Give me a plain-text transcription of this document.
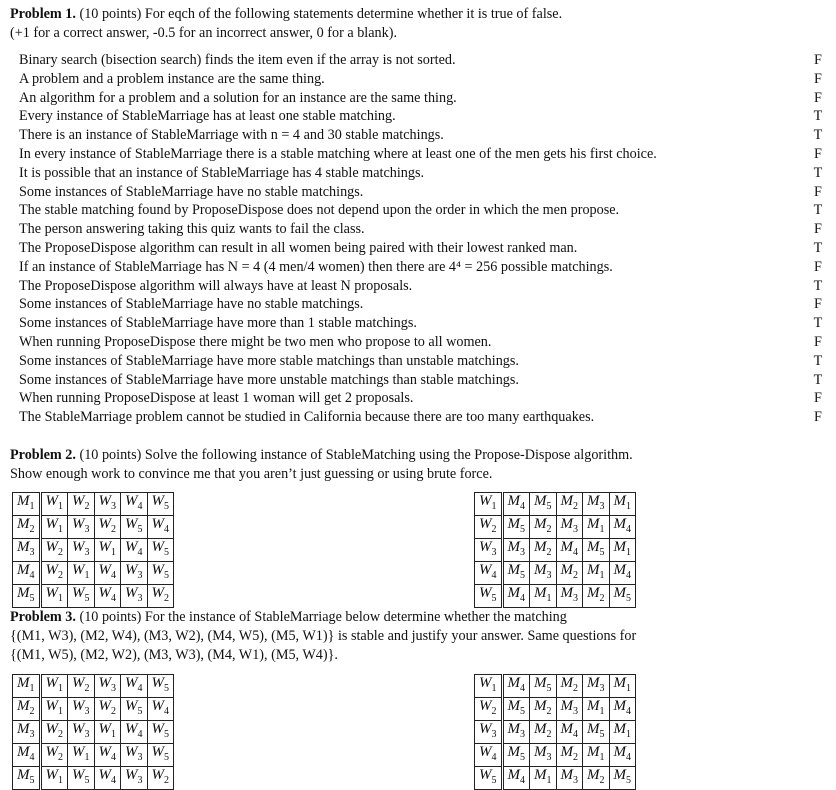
Problem 1. (10 points) For eqch of the following statements determine whether it is true of false.
(+1 for a correct answer, -0.5 for an incorrect answer, 0 for a blank).
Binary search (bisection search) finds the item even if the array is not sorted.	F
A problem and a problem instance are the same thing.	F
An algorithm for a problem and a solution for an instance are the same thing.	F
Every instance of StableMarriage has at least one stable matching.	T
There is an instance of StableMarriage with n = 4 and 30 stable matchings.	T
In every instance of StableMarriage there is a stable matching where at least one of the men gets his first choice.	F
It is possible that an instance of StableMarriage has 4 stable matchings.	T
Some instances of StableMarriage have no stable matchings.	F
The stable matching found by ProposeDispose does not depend upon the order in which the men propose.	T
The person answering taking this quiz wants to fail the class.	F
The ProposeDispose algorithm can result in all women being paired with their lowest ranked man.	T
If an instance of StableMarriage has N = 4 (4 men/4 women) then there are 4⁴ = 256 possible matchings.	F
The ProposeDispose algorithm will always have at least N proposals.	T
Some instances of StableMarriage have no stable matchings.	F
Some instances of StableMarriage have more than 1 stable matchings.	T
When running ProposeDispose there might be two men who propose to all women.	F
Some instances of StableMarriage have more stable matchings than unstable matchings.	T
Some instances of StableMarriage have more unstable matchings than stable matchings.	T
When running ProposeDispose at least 1 woman will get 2 proposals.	F
The StableMarriage problem cannot be studied in California because there are too many earthquakes.	F
Problem 2. (10 points) Solve the following instance of StableMatching using the Propose-Dispose algorithm.
Show enough work to convince me that you aren’t just guessing or using brute force.
$M_1$	$W_1$	$W_2$	$W_3$	$W_4$	$W_5$
$M_2$	$W_1$	$W_3$	$W_2$	$W_5$	$W_4$
$M_3$	$W_2$	$W_3$	$W_1$	$W_4$	$W_5$
$M_4$	$W_2$	$W_1$	$W_4$	$W_3$	$W_5$
$M_5$	$W_1$	$W_5$	$W_4$	$W_3$	$W_2$
$W_1$	$M_4$	$M_5$	$M_2$	$M_3$	$M_1$
$W_2$	$M_5$	$M_2$	$M_3$	$M_1$	$M_4$
$W_3$	$M_3$	$M_2$	$M_4$	$M_5$	$M_1$
$W_4$	$M_5$	$M_3$	$M_2$	$M_1$	$M_4$
$W_5$	$M_4$	$M_1$	$M_3$	$M_2$	$M_5$
Problem 3. (10 points) For the instance of StableMarriage below determine whether the matching
{(M1, W3), (M2, W4), (M3, W2), (M4, W5), (M5, W1)} is stable and justify your answer. Same questions for
{(M1, W5), (M2, W2), (M3, W3), (M4, W1), (M5, W4)}.
$M_1$	$W_1$	$W_2$	$W_3$	$W_4$	$W_5$
$M_2$	$W_1$	$W_3$	$W_2$	$W_5$	$W_4$
$M_3$	$W_2$	$W_3$	$W_1$	$W_4$	$W_5$
$M_4$	$W_2$	$W_1$	$W_4$	$W_3$	$W_5$
$M_5$	$W_1$	$W_5$	$W_4$	$W_3$	$W_2$
$W_1$	$M_4$	$M_5$	$M_2$	$M_3$	$M_1$
$W_2$	$M_5$	$M_2$	$M_3$	$M_1$	$M_4$
$W_3$	$M_3$	$M_2$	$M_4$	$M_5$	$M_1$
$W_4$	$M_5$	$M_3$	$M_2$	$M_1$	$M_4$
$W_5$	$M_4$	$M_1$	$M_3$	$M_2$	$M_5$
